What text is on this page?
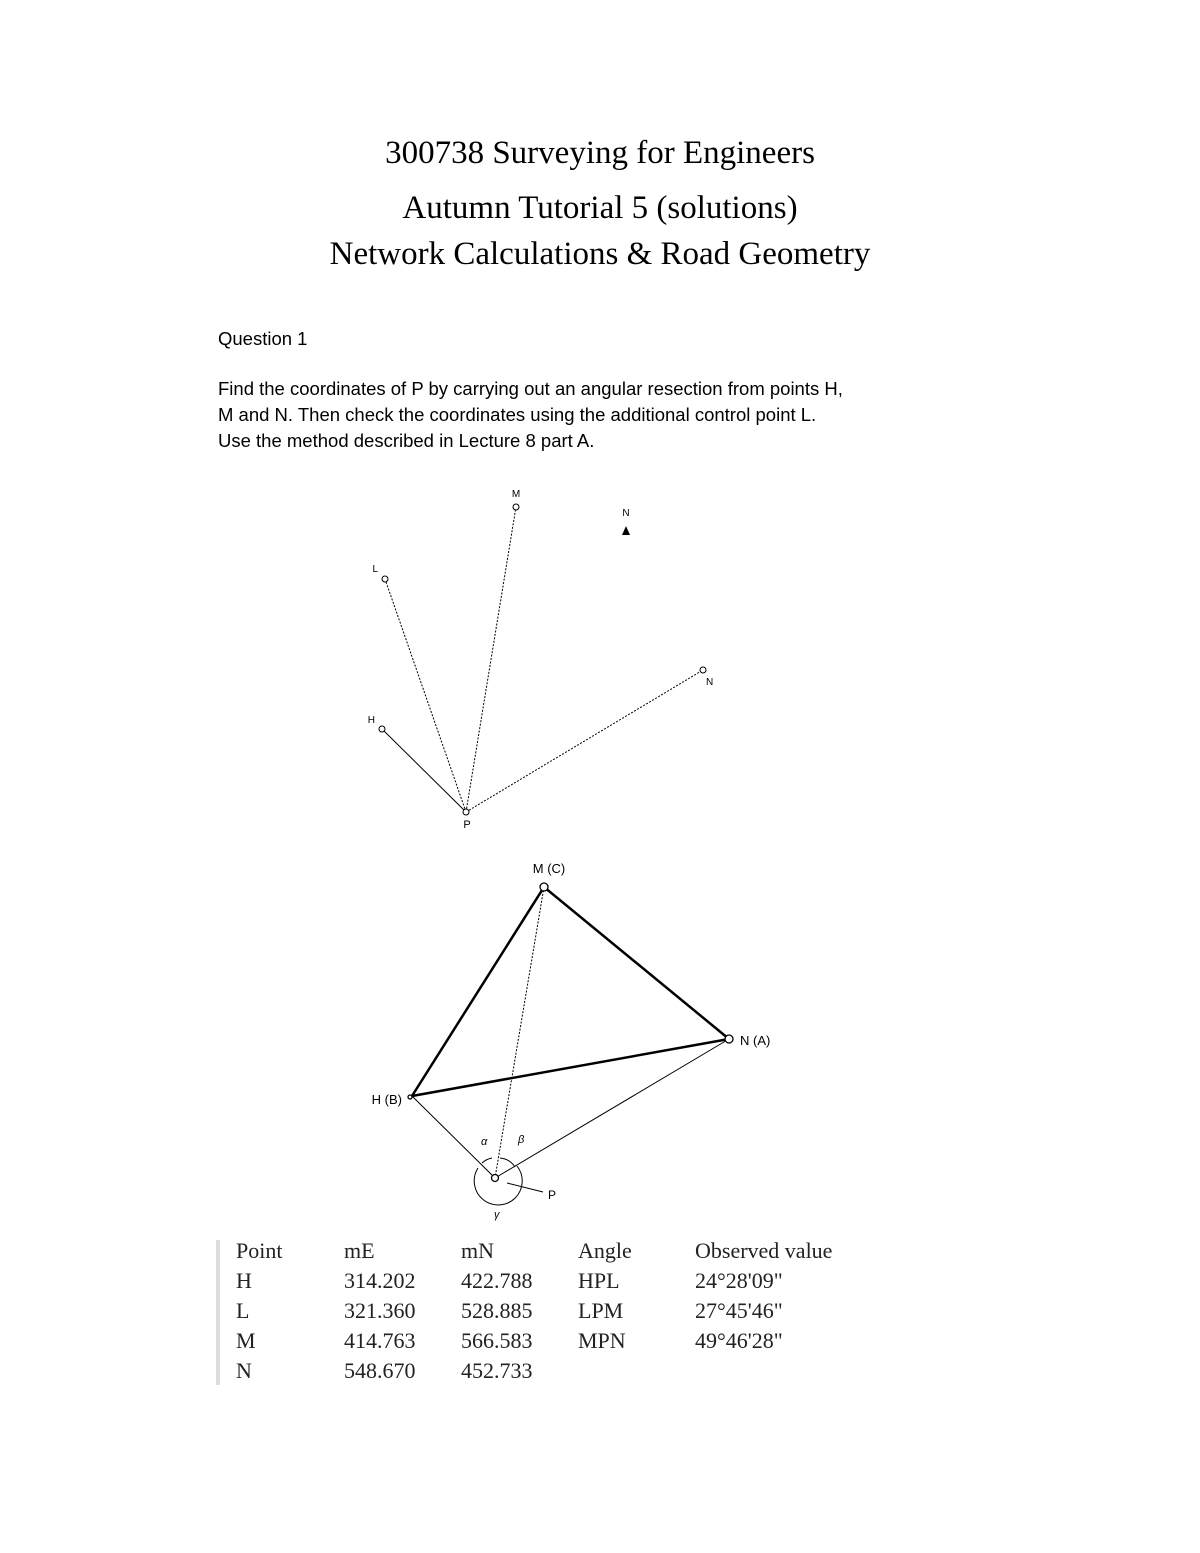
300738 Surveying for Engineers
Autumn Tutorial 5 (solutions)
Network Calculations & Road Geometry
Question 1
Find the coordinates of P by carrying out an angular resection from points H,
M and N. Then check the coordinates using the additional control point L.
Use the method described in Lecture 8 part A.
M
L
H
N
P
N
M (C)
N (A)
H (B)
P
α	β
γ
Point	mE	mN	Angle	Observed value
H	314.202	422.788	HPL	24°28'09"
L	321.360	528.885	LPM	27°45'46"
M	414.763	566.583	MPN	49°46'28"
N	548.670	452.733		
